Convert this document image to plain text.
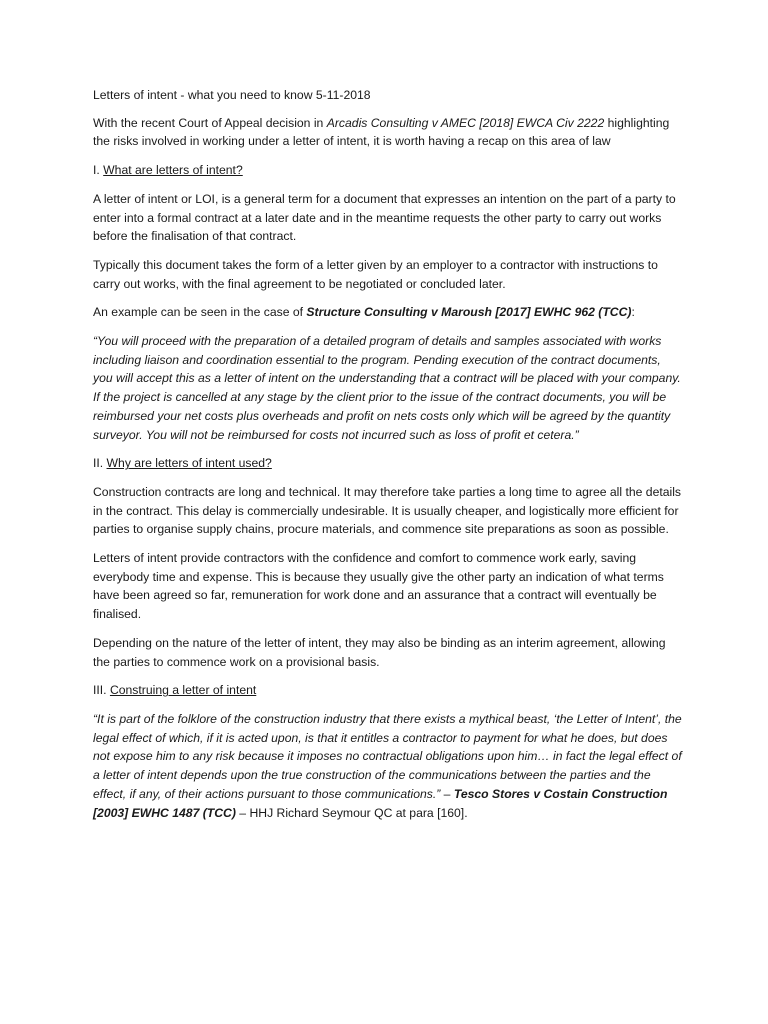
Letters of intent - what you need to know 5-11-2018

With the recent Court of Appeal decision in Arcadis Consulting v AMEC [2018] EWCA Civ 2222 highlighting the risks involved in working under a letter of intent, it is worth having a recap on this area of law

I. What are letters of intent?

A letter of intent or LOI, is a general term for a document that expresses an intention on the part of a party to enter into a formal contract at a later date and in the meantime requests the other party to carry out works before the finalisation of that contract.

Typically this document takes the form of a letter given by an employer to a contractor with instructions to carry out works, with the final agreement to be negotiated or concluded later.

An example can be seen in the case of Structure Consulting v Maroush [2017] EWHC 962 (TCC):

“You will proceed with the preparation of a detailed program of details and samples associated with works including liaison and coordination essential to the program. Pending execution of the contract documents, you will accept this as a letter of intent on the understanding that a contract will be placed with your company. If the project is cancelled at any stage by the client prior to the issue of the contract documents, you will be reimbursed your net costs plus overheads and profit on nets costs only which will be agreed by the quantity surveyor. You will not be reimbursed for costs not incurred such as loss of profit et cetera.”

II. Why are letters of intent used?

Construction contracts are long and technical. It may therefore take parties a long time to agree all the details in the contract. This delay is commercially undesirable. It is usually cheaper, and logistically more efficient for parties to organise supply chains, procure materials, and commence site preparations as soon as possible.

Letters of intent provide contractors with the confidence and comfort to commence work early, saving everybody time and expense. This is because they usually give the other party an indication of what terms have been agreed so far, remuneration for work done and an assurance that a contract will eventually be finalised.

Depending on the nature of the letter of intent, they may also be binding as an interim agreement, allowing the parties to commence work on a provisional basis.

III. Construing a letter of intent

“It is part of the folklore of the construction industry that there exists a mythical beast, ‘the Letter of Intent’, the legal effect of which, if it is acted upon, is that it entitles a contractor to payment for what he does, but does not expose him to any risk because it imposes no contractual obligations upon him… in fact the legal effect of a letter of intent depends upon the true construction of the communications between the parties and the effect, if any, of their actions pursuant to those communications.” – Tesco Stores v Costain Construction [2003] EWHC 1487 (TCC) – HHJ Richard Seymour QC at para [160].
